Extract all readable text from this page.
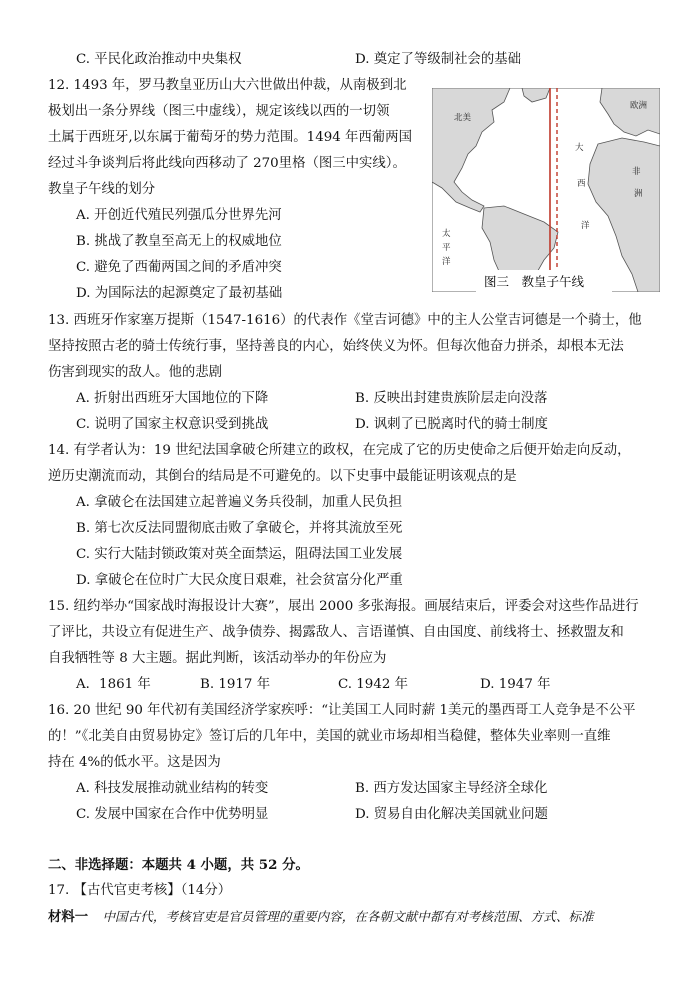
C. 平民化政治推动中央集权	D. 奠定了等级制社会的基础
12. 1493 年，罗马教皇亚历山大六世做出仲裁，从南极到北
极划出一条分界线（图三中虚线），规定该线以西的一切领
土属于西班牙,以东属于葡萄牙的势力范围。1494 年西葡两国
经过斗争谈判后将此线向西移动了 270里格（图三中实线）。
教皇子午线的划分
A. 开创近代殖民列强瓜分世界先河
B. 挑战了教皇至高无上的权威地位
C. 避免了西葡两国之间的矛盾冲突
D. 为国际法的起源奠定了最初基础
北美
欧洲
大
西
洋
非
洲
太
平
洋
图三　教皇子午线
13. 西班牙作家塞万提斯（1547-1616）的代表作《堂吉诃德》中的主人公堂吉诃德是一个骑士，他
坚持按照古老的骑士传统行事，坚持善良的内心，始终侠义为怀。但每次他奋力拼杀，却根本无法
伤害到现实的敌人。他的悲剧
A. 折射出西班牙大国地位的下降	B. 反映出封建贵族阶层走向没落
C. 说明了国家主权意识受到挑战	D. 讽刺了已脱离时代的骑士制度
14. 有学者认为：19 世纪法国拿破仑所建立的政权，在完成了它的历史使命之后便开始走向反动，
逆历史潮流而动，其倒台的结局是不可避免的。以下史事中最能证明该观点的是
A. 拿破仑在法国建立起普遍义务兵役制，加重人民负担
B. 第七次反法同盟彻底击败了拿破仑，并将其流放至死
C. 实行大陆封锁政策对英全面禁运，阻碍法国工业发展
D. 拿破仑在位时广大民众度日艰难，社会贫富分化严重
15. 纽约举办“国家战时海报设计大赛”，展出 2000 多张海报。画展结束后，评委会对这些作品进行
了评比，共设立有促进生产、战争债券、揭露敌人、言语谨慎、自由国度、前线将士、拯救盟友和
自我牺牲等 8 大主题。据此判断，该活动举办的年份应为
A．1861 年	B. 1917 年	C. 1942 年	D. 1947 年
16. 20 世纪 90 年代初有美国经济学家疾呼：“让美国工人同时薪 1美元的墨西哥工人竞争是不公平
的！”《北美自由贸易协定》签订后的几年中，美国的就业市场却相当稳健，整体失业率则一直维
持在 4%的低水平。这是因为
A. 科技发展推动就业结构的转变	B. 西方发达国家主导经济全球化
C. 发展中国家在合作中优势明显	D. 贸易自由化解决美国就业问题
二、非选择题：本题共 4 小题，共 52 分。
17. 【古代官吏考核】（14分）
材料一 中国古代，考核官吏是官员管理的重要内容，在各朝文献中都有对考核范围、方式、标准
